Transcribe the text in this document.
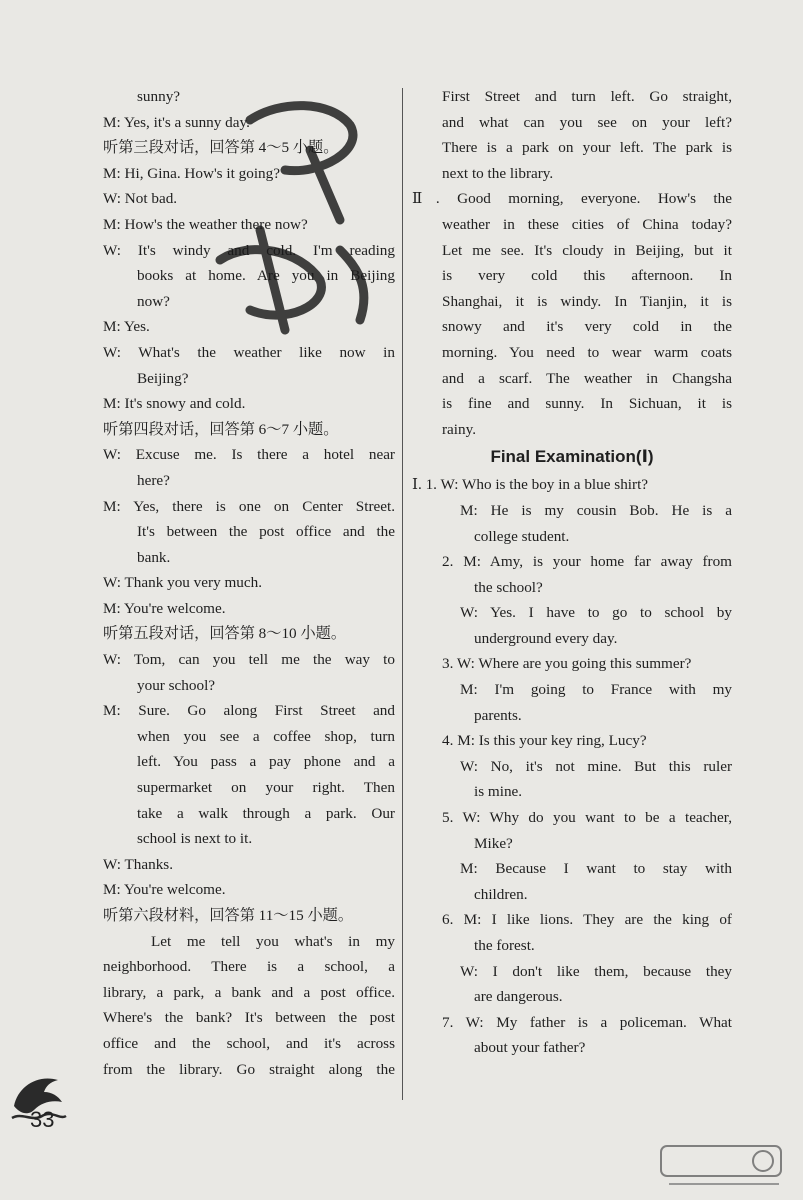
sunny?
M: Yes, it's a sunny day.
听第三段对话，回答第 4～5 小题。
M: Hi, Gina. How's it going?
W: Not bad.
M: How's the weather there now?
W: It's windy and cold. I'm reading
books at home. Are you in Beijing
now?
M: Yes.
W: What's the weather like now in
Beijing?
M: It's snowy and cold.
听第四段对话，回答第 6～7 小题。
W: Excuse me. Is there a hotel near
here?
M: Yes, there is one on Center Street.
It's between the post office and the
bank.
W: Thank you very much.
M: You're welcome.
听第五段对话，回答第 8～10 小题。
W: Tom, can you tell me the way to
your school?
M: Sure. Go along First Street and
when you see a coffee shop, turn
left. You pass a pay phone and a
supermarket on your right. Then
take a walk through a park. Our
school is next to it.
W: Thanks.
M: You're welcome.
听第六段材料，回答第 11～15 小题。
Let me tell you what's in my
neighborhood. There is a school, a
library, a park, a bank and a post office.
Where's the bank? It's between the post
office and the school, and it's across
from the library. Go straight along the
First Street and turn left. Go straight,
and what can you see on your left?
There is a park on your left. The park is
next to the library.
Ⅱ. Good morning, everyone. How's the
weather in these cities of China today?
Let me see. It's cloudy in Beijing, but it
is very cold this afternoon. In
Shanghai, it is windy. In Tianjin, it is
snowy and it's very cold in the
morning. You need to wear warm coats
and a scarf. The weather in Changsha
is fine and sunny. In Sichuan, it is
rainy.
Final Examination(Ⅰ)
Ⅰ. 1. W: Who is the boy in a blue shirt?
M: He is my cousin Bob. He is a
college student.
2. M: Amy, is your home far away from
the school?
W: Yes. I have to go to school by
underground every day.
3. W: Where are you going this summer?
M: I'm going to France with my
parents.
4. M: Is this your key ring, Lucy?
W: No, it's not mine. But this ruler
is mine.
5. W: Why do you want to be a teacher,
Mike?
M: Because I want to stay with
children.
6. M: I like lions. They are the king of
the forest.
W: I don't like them, because they
are dangerous.
7. W: My father is a policeman. What
about your father?
33
